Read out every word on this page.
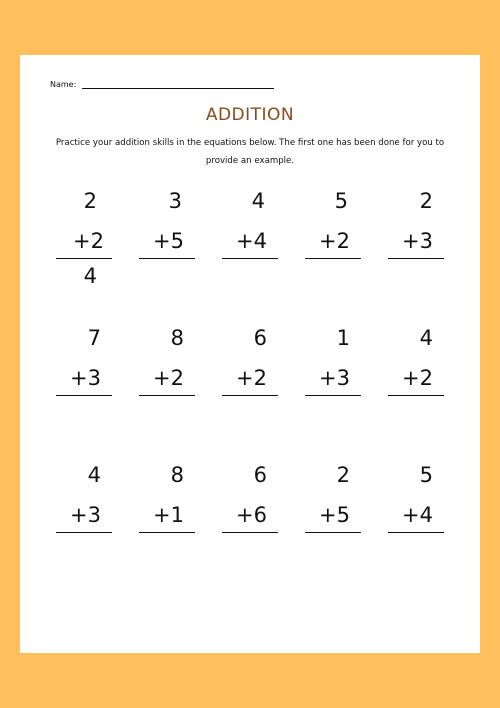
Name:
ADDITION
Practice your addition skills in the equations below. The first one has been done for you to provide an example.
2
+2
4
3
+5
4
+4
5
+2
2
+3
7
+3
8
+2
6
+2
1
+3
4
+2
4
+3
8
+1
6
+6
2
+5
5
+4
